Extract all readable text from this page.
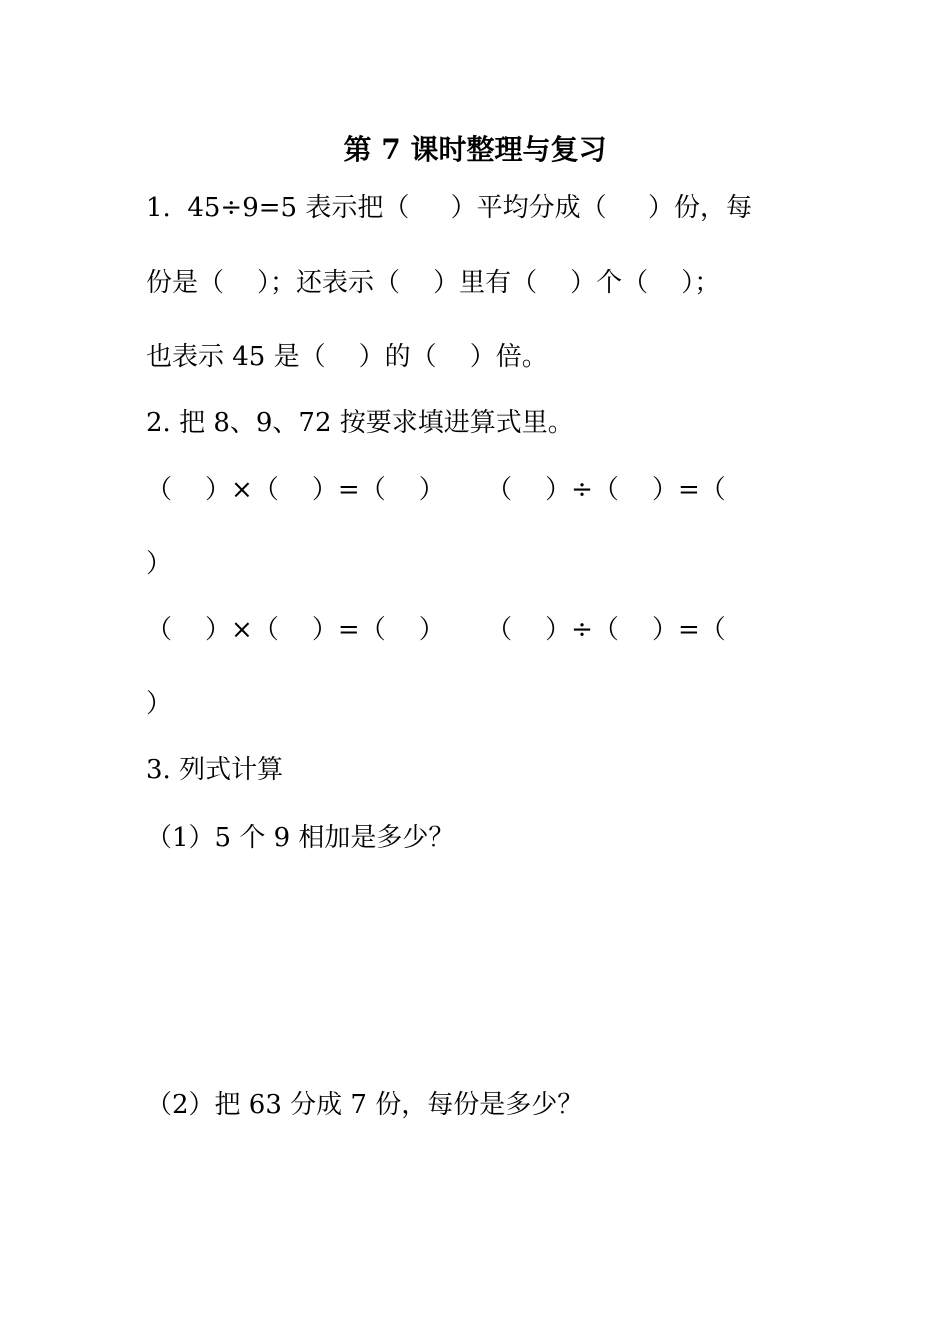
第 7 课时整理与复习
1.  45÷9=5 表示把（     ）平均分成（     ）份，每
份是（    ）；还表示（    ）里有（    ）个（    ）；
也表示 45 是（    ）的（    ）倍。
2. 把 8、9、72 按要求填进算式里。
（    ）×（    ）=（    ）     （    ）÷（    ）=（
）
（    ）×（    ）=（    ）     （    ）÷（    ）=（
）
3. 列式计算
（1）5 个 9 相加是多少？
（2）把 63 分成 7 份，每份是多少？
